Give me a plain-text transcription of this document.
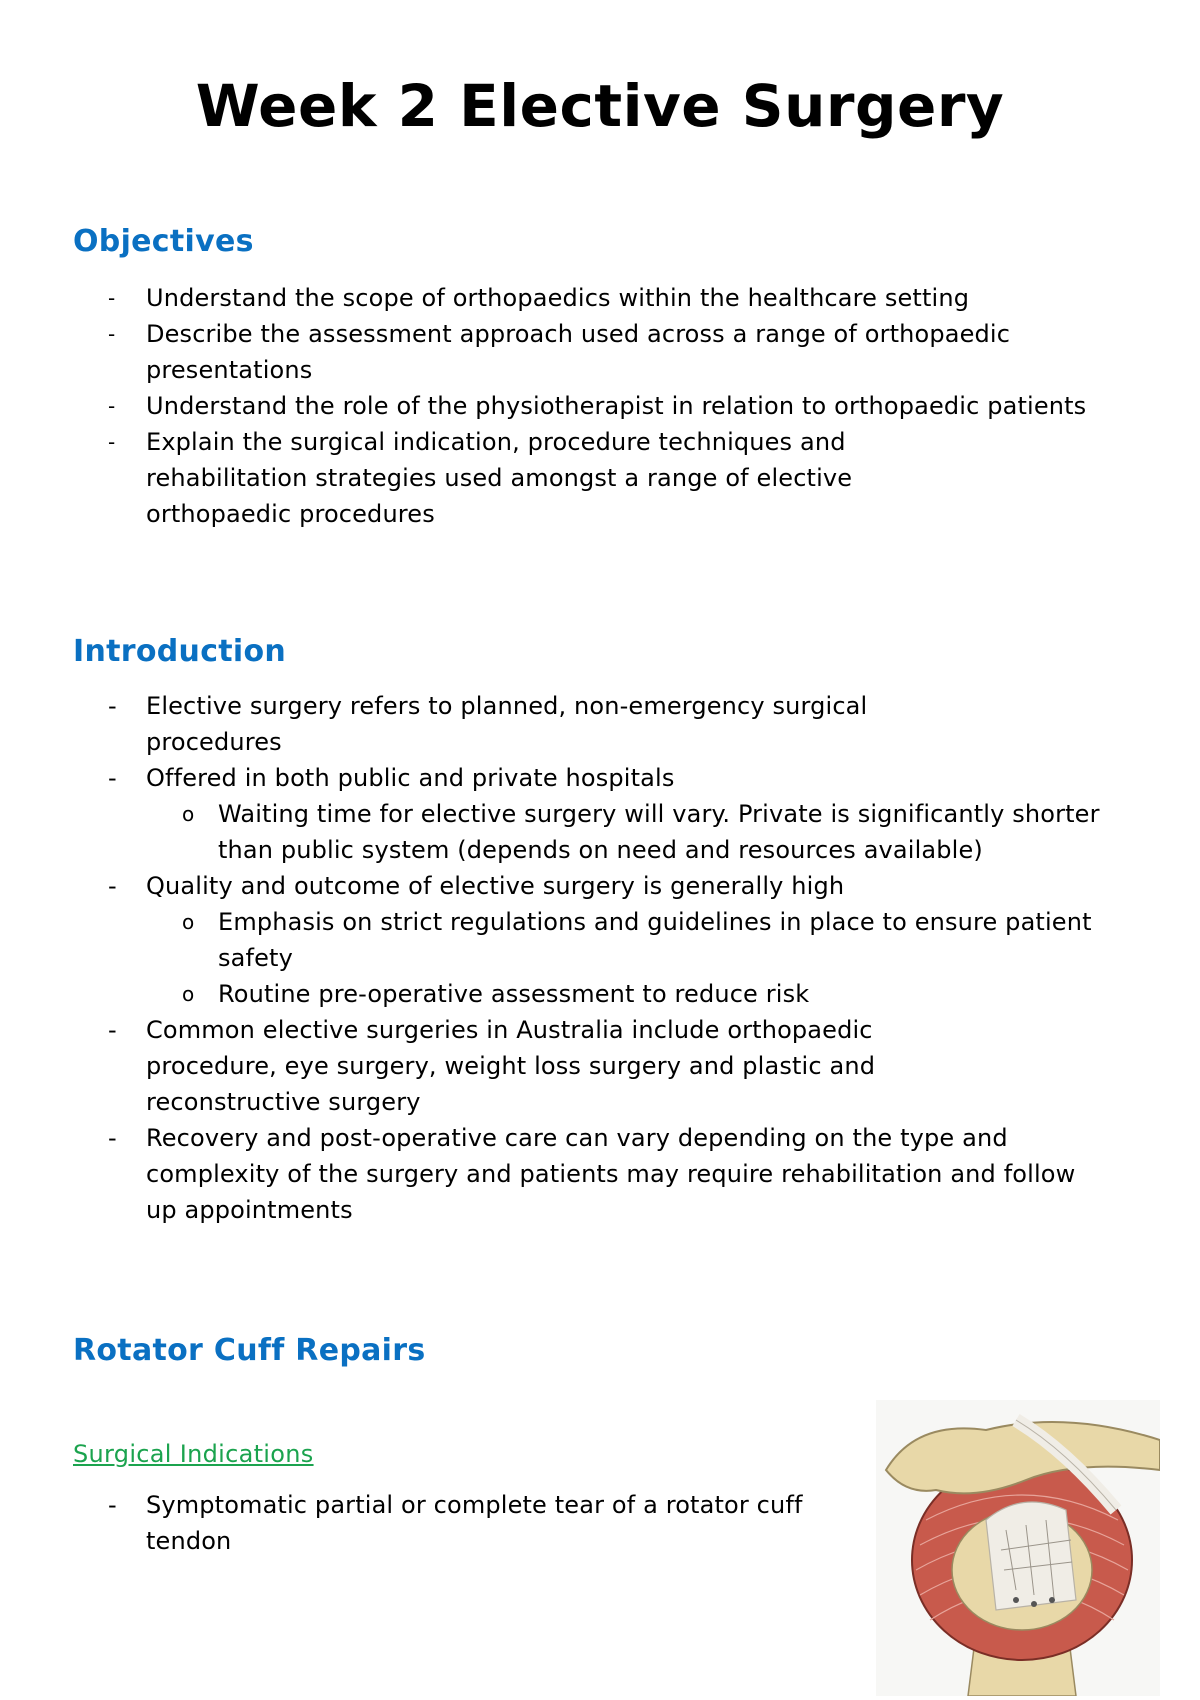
Week 2 Elective Surgery
Objectives
- Understand the scope of orthopaedics within the healthcare setting
- Describe the assessment approach used across a range of orthopaedic presentations
- Understand the role of the physiotherapist in relation to orthopaedic patients
- Explain the surgical indication, procedure techniques and rehabilitation strategies used amongst a range of elective orthopaedic procedures
Introduction
- Elective surgery refers to planned, non-emergency surgical procedures
- Offered in both public and private hospitals
o Waiting time for elective surgery will vary. Private is significantly shorter than public system (depends on need and resources available)
- Quality and outcome of elective surgery is generally high
o Emphasis on strict regulations and guidelines in place to ensure patient safety
o Routine pre-operative assessment to reduce risk
- Common elective surgeries in Australia include orthopaedic procedure, eye surgery, weight loss surgery and plastic and reconstructive surgery
- Recovery and post-operative care can vary depending on the type and complexity of the surgery and patients may require rehabilitation and follow up appointments
Rotator Cuff Repairs
Surgical Indications
- Symptomatic partial or complete tear of a rotator cuff tendon
